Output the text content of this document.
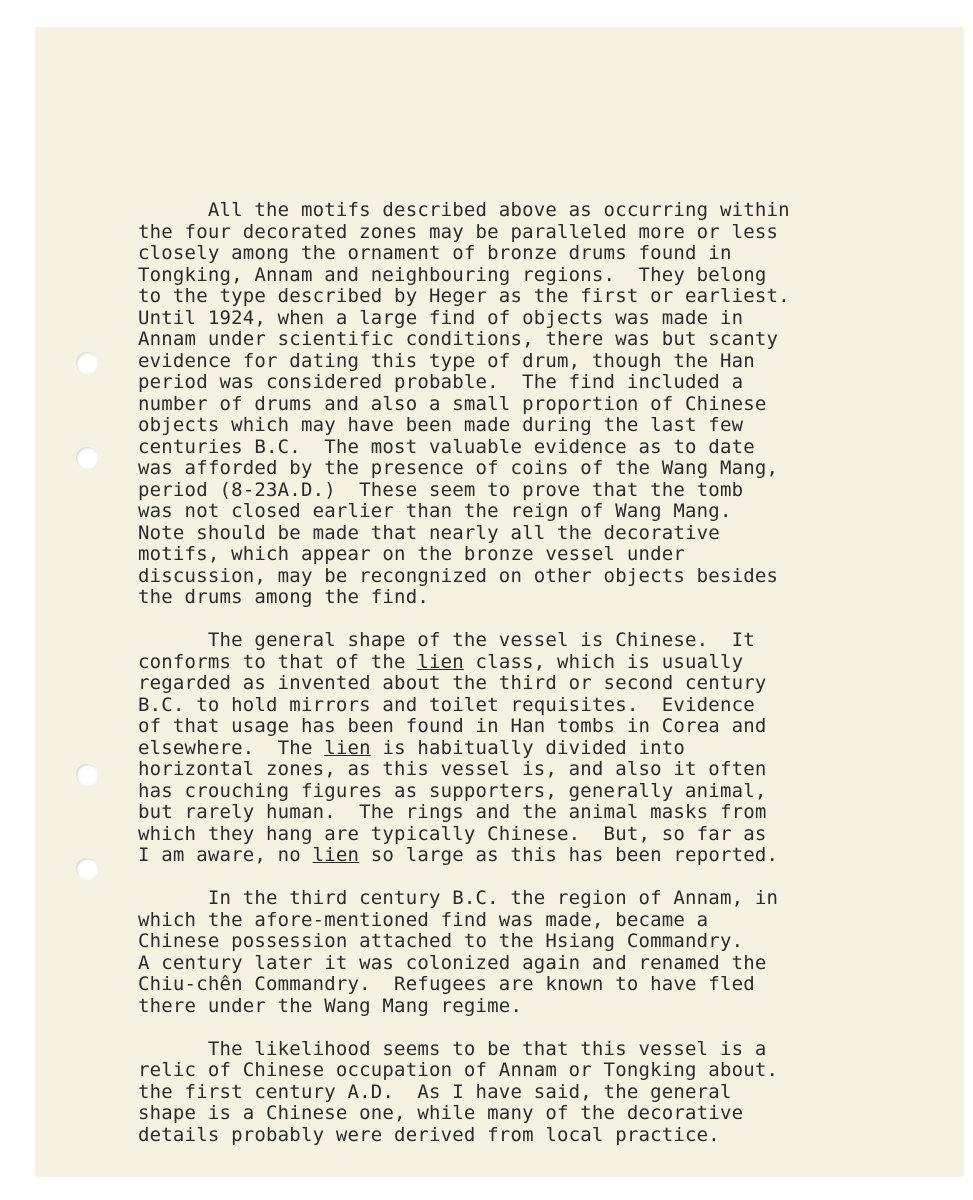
All the motifs described above as occurring within
the four decorated zones may be paralleled more or less
closely among the ornament of bronze drums found in
Tongking, Annam and neighbouring regions.  They belong
to the type described by Heger as the first or earliest.
Until 1924, when a large find of objects was made in
Annam under scientific conditions, there was but scanty
evidence for dating this type of drum, though the Han
period was considered probable.  The find included a
number of drums and also a small proportion of Chinese
objects which may have been made during the last few
centuries B.C.  The most valuable evidence as to date
was afforded by the presence of coins of the Wang Mang,
period (8-23A.D.)  These seem to prove that the tomb
was not closed earlier than the reign of Wang Mang.
Note should be made that nearly all the decorative
motifs, which appear on the bronze vessel under
discussion, may be recongnized on other objects besides
the drums among the find.
The general shape of the vessel is Chinese.  It
conforms to that of the lien class, which is usually
regarded as invented about the third or second century
B.C. to hold mirrors and toilet requisites.  Evidence
of that usage has been found in Han tombs in Corea and
elsewhere.  The lien is habitually divided into
horizontal zones, as this vessel is, and also it often
has crouching figures as supporters, generally animal,
but rarely human.  The rings and the animal masks from
which they hang are typically Chinese.  But, so far as
I am aware, no lien so large as this has been reported.
In the third century B.C. the region of Annam, in
which the afore-mentioned find was made, became a
Chinese possession attached to the Hsiang Commandry.
A century later it was colonized again and renamed the
Chiu-chên Commandry.  Refugees are known to have fled
there under the Wang Mang regime.
The likelihood seems to be that this vessel is a
relic of Chinese occupation of Annam or Tongking about.
the first century A.D.  As I have said, the general
shape is a Chinese one, while many of the decorative
details probably were derived from local practice.
